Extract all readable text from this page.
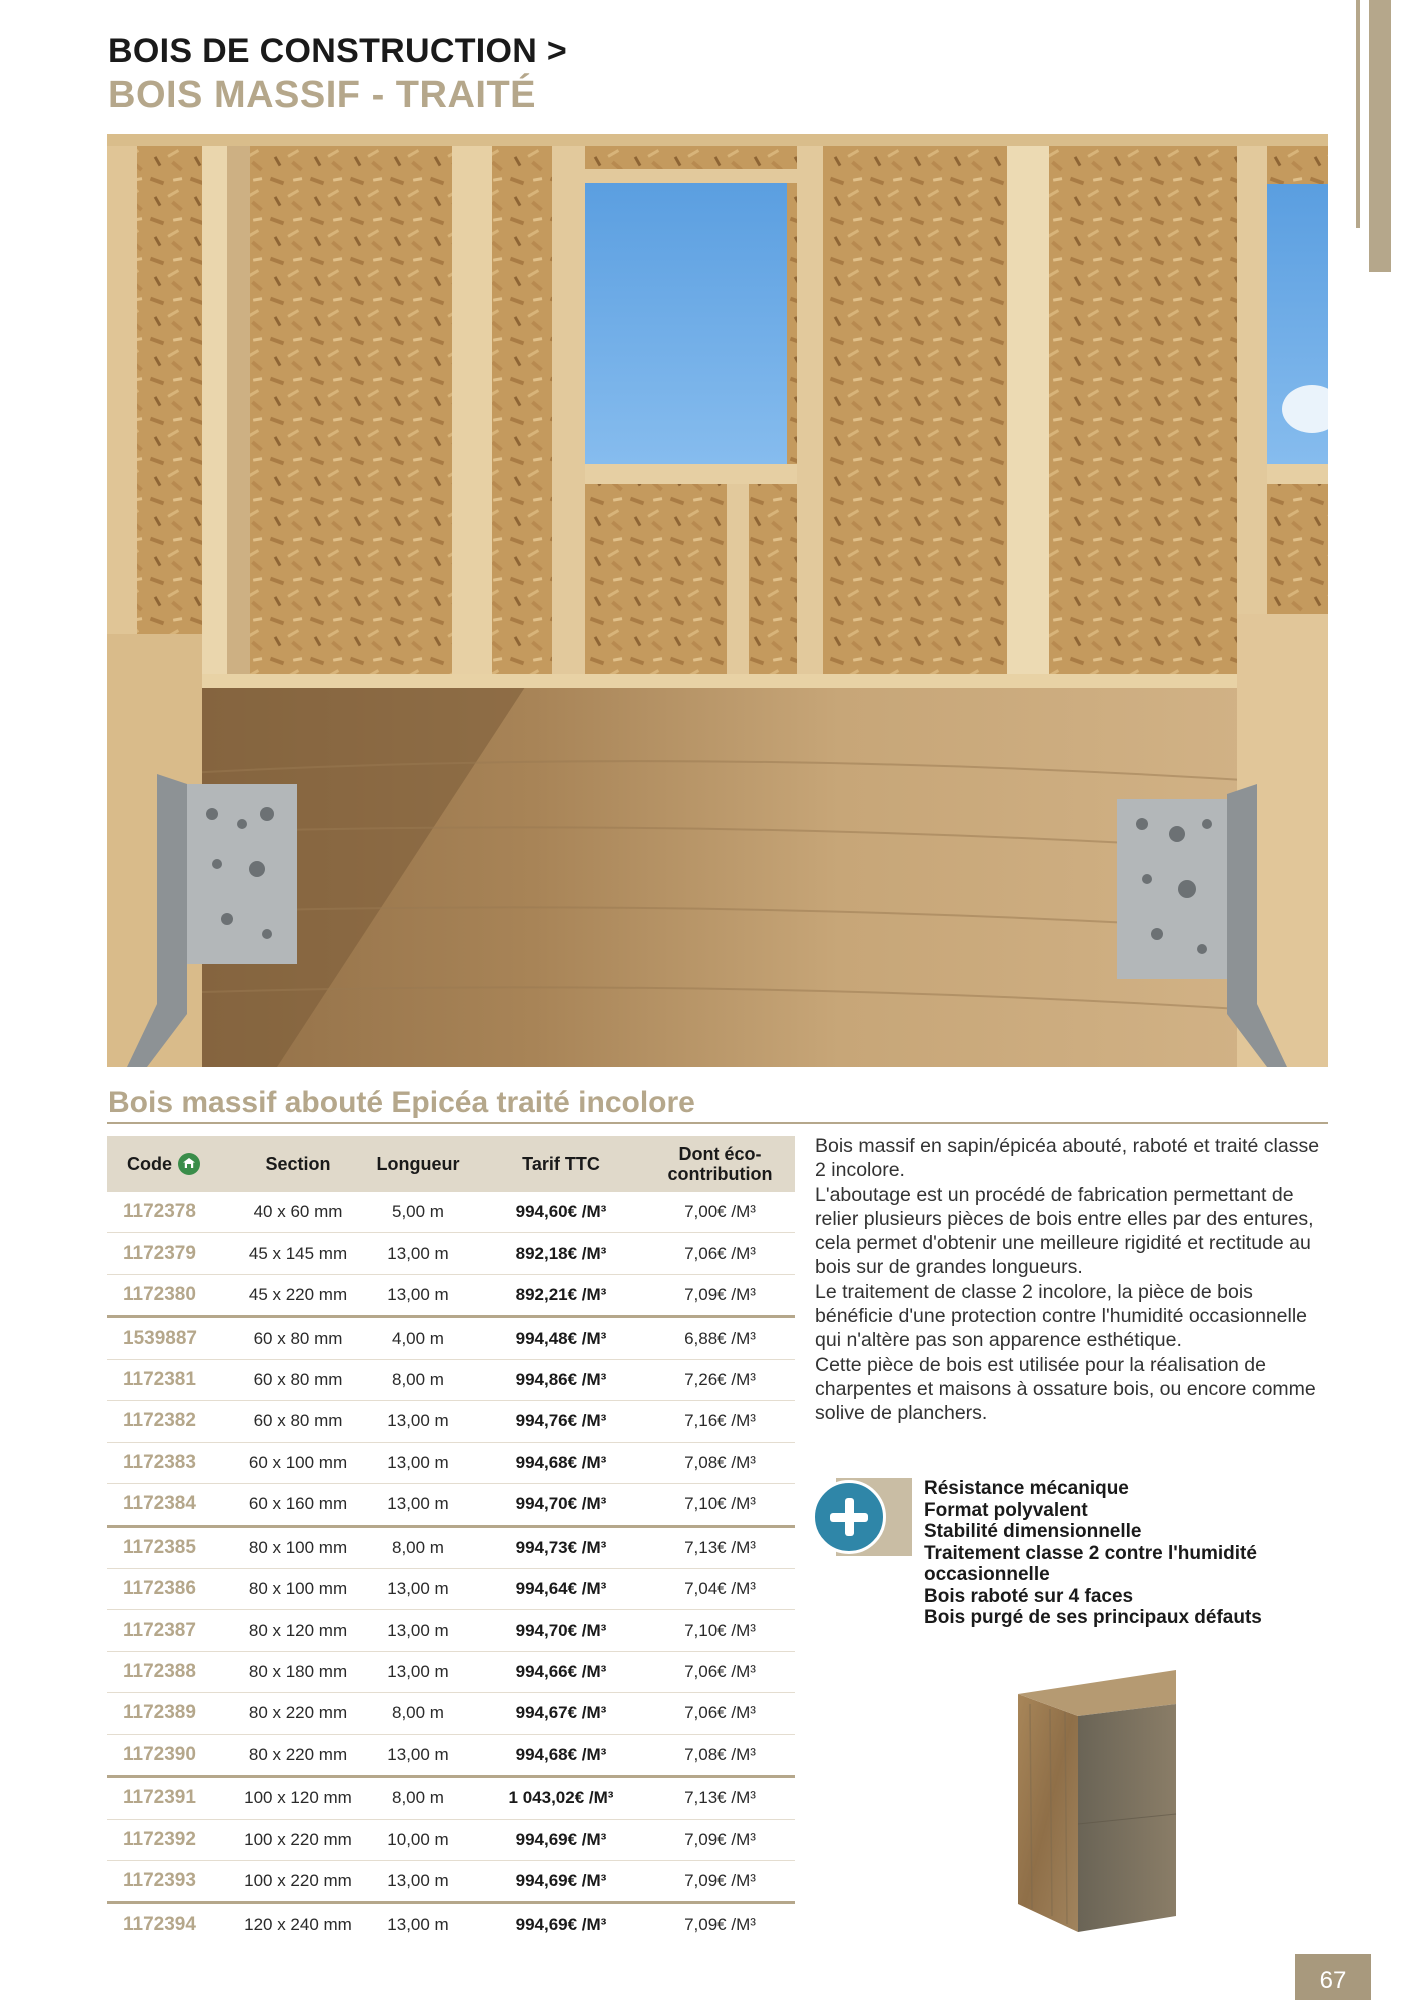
BOIS DE CONSTRUCTION >
BOIS MASSIF - TRAITÉ
Bois massif abouté Epicéa traité incolore
Code	Section	Longueur	Tarif TTC	Dont éco-contribution
1172378	40 x 60 mm	5,00 m	994,60€ /M³	7,00€ /M³
1172379	45 x 145 mm	13,00 m	892,18€ /M³	7,06€ /M³
1172380	45 x 220 mm	13,00 m	892,21€ /M³	7,09€ /M³
1539887	60 x 80 mm	4,00 m	994,48€ /M³	6,88€ /M³
1172381	60 x 80 mm	8,00 m	994,86€ /M³	7,26€ /M³
1172382	60 x 80 mm	13,00 m	994,76€ /M³	7,16€ /M³
1172383	60 x 100 mm	13,00 m	994,68€ /M³	7,08€ /M³
1172384	60 x 160 mm	13,00 m	994,70€ /M³	7,10€ /M³
1172385	80 x 100 mm	8,00 m	994,73€ /M³	7,13€ /M³
1172386	80 x 100 mm	13,00 m	994,64€ /M³	7,04€ /M³
1172387	80 x 120 mm	13,00 m	994,70€ /M³	7,10€ /M³
1172388	80 x 180 mm	13,00 m	994,66€ /M³	7,06€ /M³
1172389	80 x 220 mm	8,00 m	994,67€ /M³	7,06€ /M³
1172390	80 x 220 mm	13,00 m	994,68€ /M³	7,08€ /M³
1172391	100 x 120 mm	8,00 m	1 043,02€ /M³	7,13€ /M³
1172392	100 x 220 mm	10,00 m	994,69€ /M³	7,09€ /M³
1172393	100 x 220 mm	13,00 m	994,69€ /M³	7,09€ /M³
1172394	120 x 240 mm	13,00 m	994,69€ /M³	7,09€ /M³

Bois massif en sapin/épicéa abouté, raboté et traité classe 2 incolore.

L'aboutage est un procédé de fabrication permettant de relier plusieurs pièces de bois entre elles par des entures, cela permet d'obtenir une meilleure rigidité et rectitude au bois sur de grandes longueurs.

Le traitement de classe 2 incolore, la pièce de bois bénéficie d'une protection contre l'humidité occasionnelle qui n'altère pas son apparence esthétique.

Cette pièce de bois est utilisée pour la réalisation de charpentes et maisons à ossature bois, ou encore comme solive de planchers.

Résistance mécanique
Format polyvalent
Stabilité dimensionnelle
Traitement classe 2 contre l'humidité occasionnelle
Bois raboté sur 4 faces
Bois purgé de ses principaux défauts
67
